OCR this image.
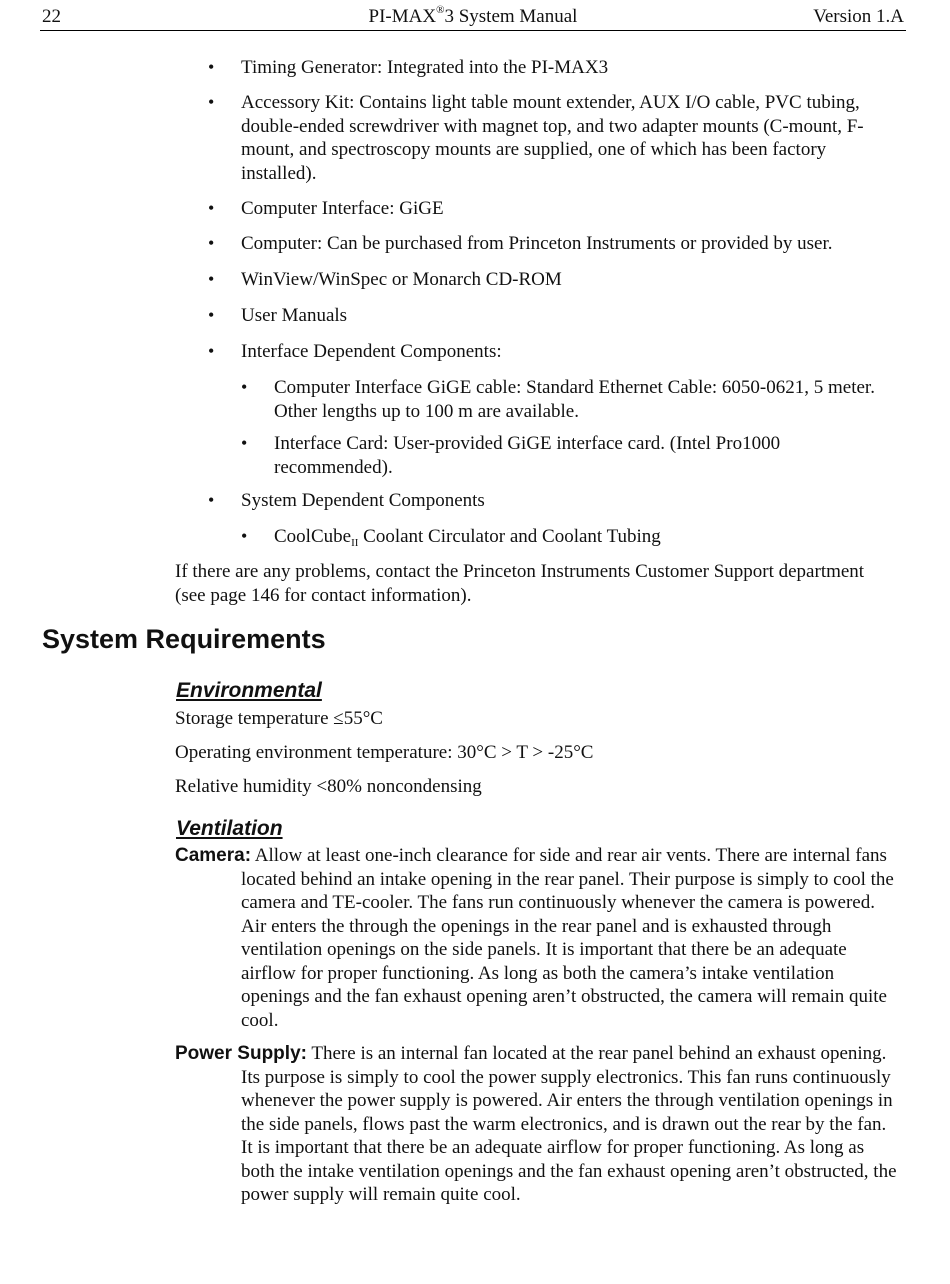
22	PI-MAX®3 System Manual	Version 1.A
• Timing Generator: Integrated into the PI-MAX3
• Accessory Kit: Contains light table mount extender, AUX I/O cable, PVC tubing, double-ended screwdriver with magnet top, and two adapter mounts (C-mount, F-mount, and spectroscopy mounts are supplied, one of which has been factory installed).
• Computer Interface: GiGE
• Computer: Can be purchased from Princeton Instruments or provided by user.
• WinView/WinSpec or Monarch CD-ROM
• User Manuals
• Interface Dependent Components:
• Computer Interface GiGE cable: Standard Ethernet Cable: 6050-0621, 5 meter. Other lengths up to 100 m are available.
• Interface Card: User-provided GiGE interface card. (Intel Pro1000 recommended).
• System Dependent Components
• CoolCube$_{II}$ Coolant Circulator and Coolant Tubing

If there are any problems, contact the Princeton Instruments Customer Support department (see page 146 for contact information).

System Requirements
Environmental

Storage temperature ≤55°C

Operating environment temperature: 30°C > T > -25°C

Relative humidity <80% noncondensing

Ventilation

Camera: Allow at least one-inch clearance for side and rear air vents. There are internal fans located behind an intake opening in the rear panel. Their purpose is simply to cool the camera and TE-cooler. The fans run continuously whenever the camera is powered. Air enters the through the openings in the rear panel and is exhausted through ventilation openings on the side panels. It is important that there be an adequate airflow for proper functioning. As long as both the camera’s intake ventilation openings and the fan exhaust opening aren’t obstructed, the camera will remain quite cool.

Power Supply: There is an internal fan located at the rear panel behind an exhaust opening. Its purpose is simply to cool the power supply electronics. This fan runs continuously whenever the power supply is powered. Air enters the through ventilation openings in the side panels, flows past the warm electronics, and is drawn out the rear by the fan. It is important that there be an adequate airflow for proper functioning. As long as both the intake ventilation openings and the fan exhaust opening aren’t obstructed, the power supply will remain quite cool.
